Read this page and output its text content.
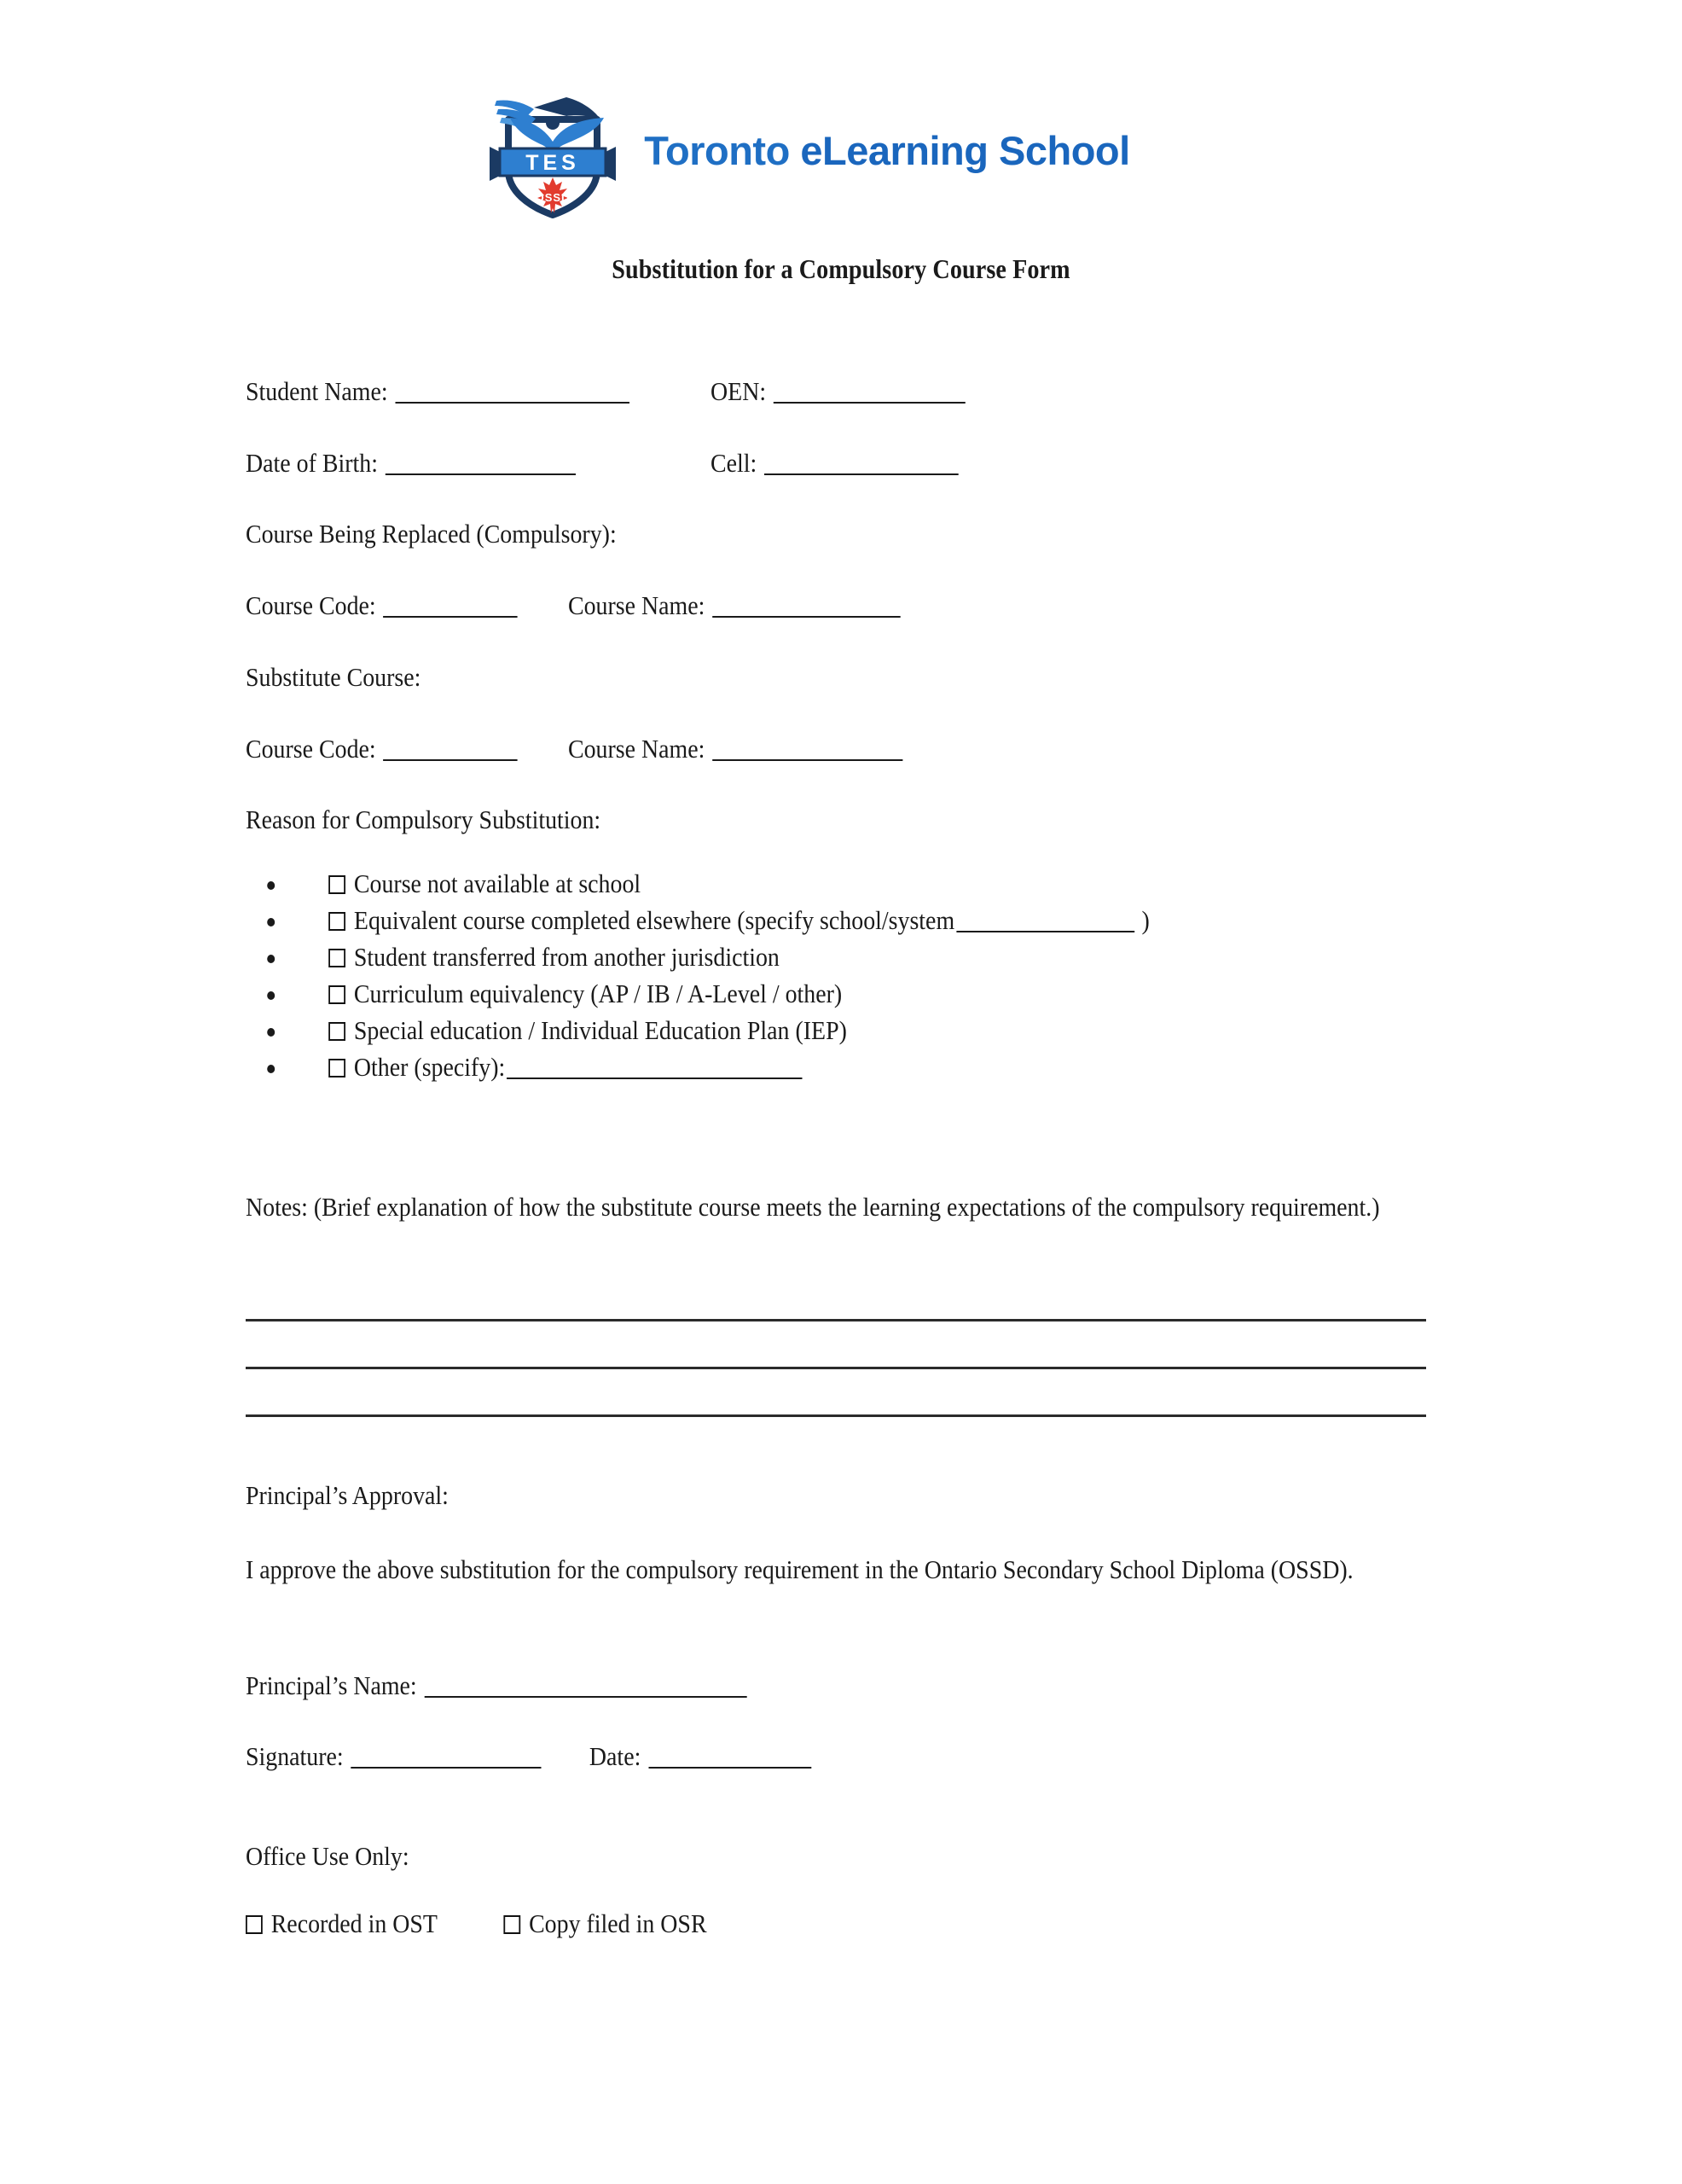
TES
OSSD
Toronto eLearning School
Substitution for a Compulsory Course Form
Student Name:	OEN:
Date of Birth:	Cell:
Course Being Replaced (Compulsory):
Course Code:	Course Name:
Substitute Course:
Course Code:	Course Name:
Reason for Compulsory Substitution:
Course not available at school
Equivalent course completed elsewhere (specify school/system	)
Student transferred from another jurisdiction
Curriculum equivalency (AP / IB / A-Level / other)
Special education / Individual Education Plan (IEP)
Other (specify):
Notes: (Brief explanation of how the substitute course meets the learning expectations of the compulsory requirement.)
Principal’s Approval:
I approve the above substitution for the compulsory requirement in the Ontario Secondary School Diploma (OSSD).
Principal’s Name:
Signature:	Date:
Office Use Only:
Recorded in OST	Copy filed in OSR
